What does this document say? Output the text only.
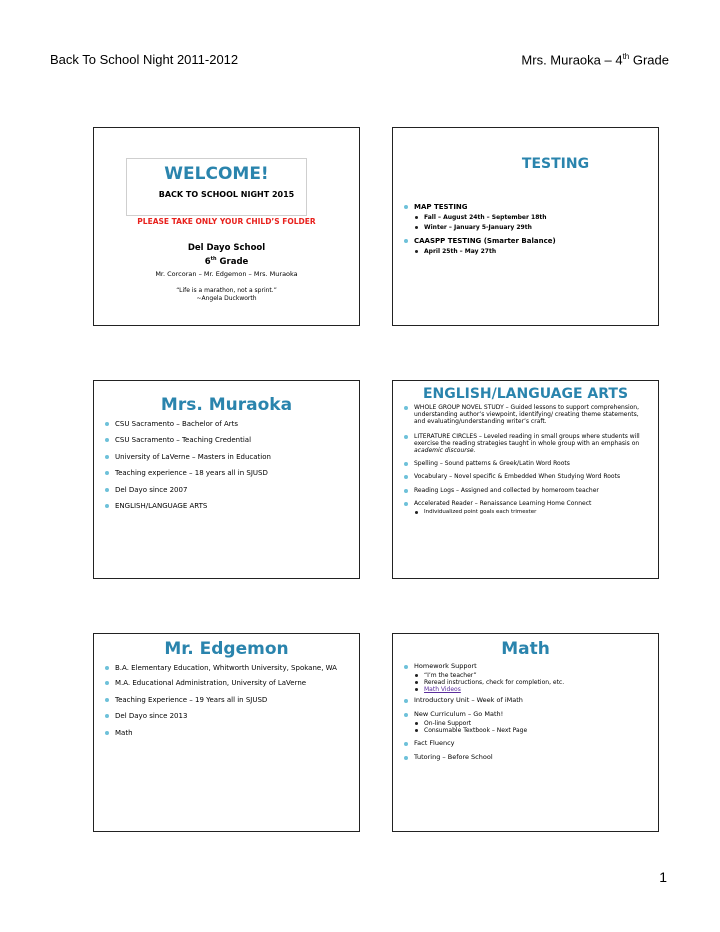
Back To School Night 2011-2012	Mrs. Muraoka – 4th Grade
WELCOME!
BACK TO SCHOOL NIGHT 2015
PLEASE TAKE ONLY YOUR CHILD’S FOLDER
Del Dayo School
6th Grade
Mr. Corcoran – Mr. Edgemon – Mrs. Muraoka
“Life is a marathon, not a sprint.”
~Angela Duckworth
TESTING
MAP TESTING
Fall – August 24th – September 18th
Winter – January 5-January 29th
CAASPP TESTING (Smarter Balance)
April 25th – May 27th
Mrs. Muraoka
CSU Sacramento – Bachelor of Arts
CSU Sacramento – Teaching Credential
University of LaVerne – Masters in Education
Teaching experience – 18 years all in SJUSD
Del Dayo since 2007
ENGLISH/LANGUAGE ARTS
ENGLISH/LANGUAGE ARTS
WHOLE GROUP NOVEL STUDY – Guided lessons to support comprehension, understanding author’s viewpoint, identifying/ creating theme statements, and evaluating/understanding writer’s craft.
LITERATURE CIRCLES – Leveled reading in small groups where students will exercise the reading strategies taught in whole group with an emphasis on academic discourse.
Spelling – Sound patterns & Greek/Latin Word Roots
Vocabulary – Novel specific & Embedded When Studying Word Roots
Reading Logs – Assigned and collected by homeroom teacher
Accelerated Reader – Renaissance Learning Home Connect
Individualized point goals each trimester
Mr. Edgemon
B.A. Elementary Education, Whitworth University, Spokane, WA
M.A. Educational Administration, University of LaVerne
Teaching Experience – 19 Years all in SJUSD
Del Dayo since 2013
Math
Math
Homework Support
“I’m the teacher”
Reread instructions, check for completion, etc.
Math Videos
Introductory Unit – Week of iMath
New Curriculum – Go Math!
On-line Support
Consumable Textbook – Next Page
Fact Fluency
Tutoring – Before School
1
